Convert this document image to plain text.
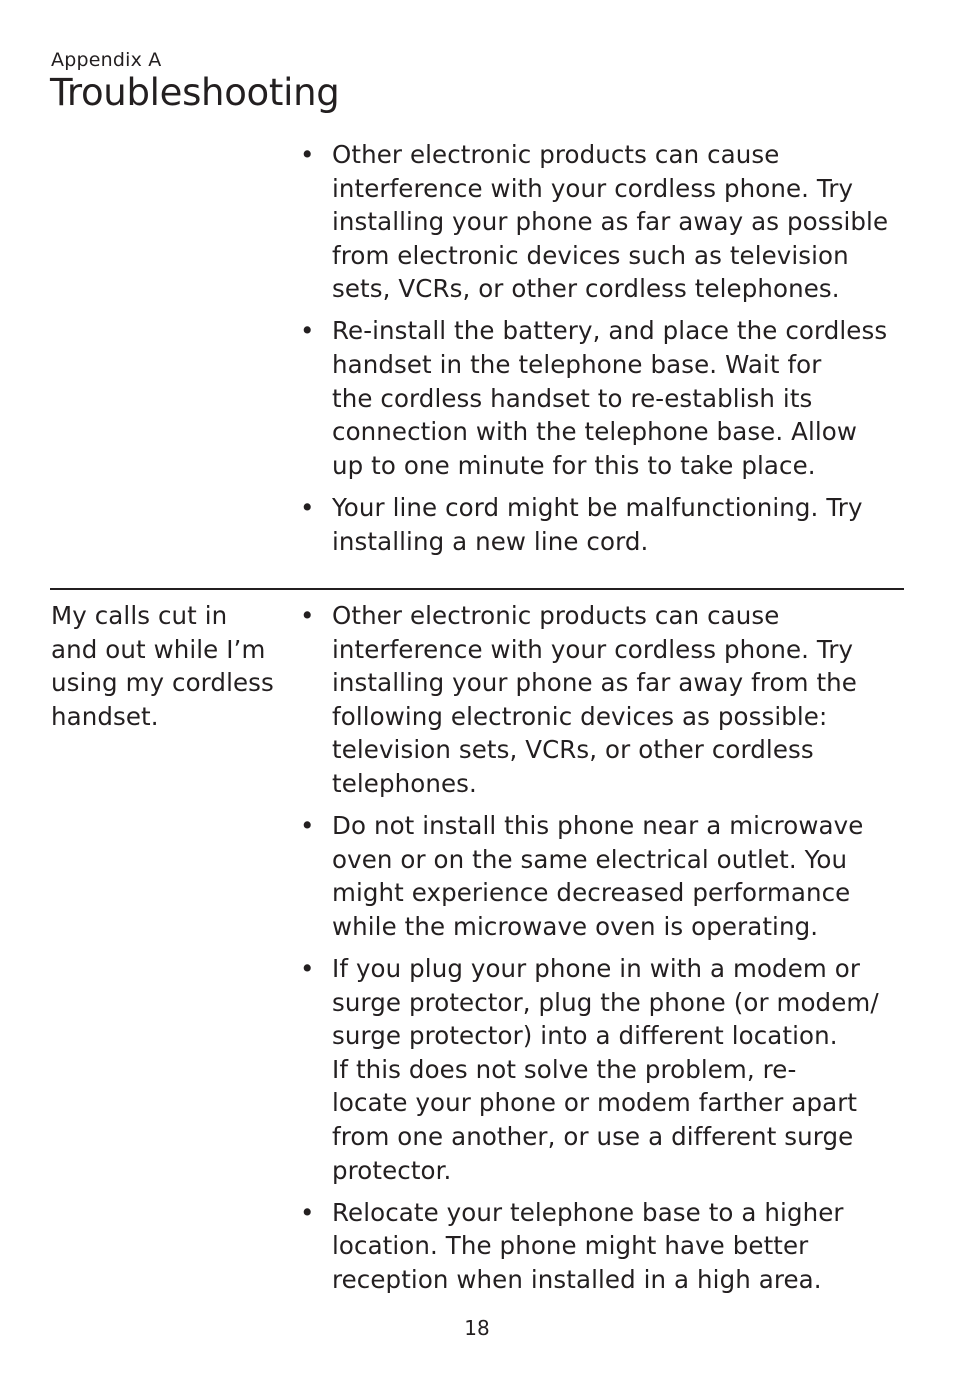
Appendix A
Troubleshooting
• Other electronic products can cause
interference with your cordless phone. Try
installing your phone as far away as possible
from electronic devices such as television
sets, VCRs, or other cordless telephones.
• Re-install the battery, and place the cordless
handset in the telephone base. Wait for
the cordless handset to re-establish its
connection with the telephone base. Allow
up to one minute for this to take place.
• Your line cord might be malfunctioning. Try
installing a new line cord.
My calls cut in
and out while I’m
using my cordless
handset.
• Other electronic products can cause
interference with your cordless phone. Try
installing your phone as far away from the
following electronic devices as possible:
television sets, VCRs, or other cordless
telephones.
• Do not install this phone near a microwave
oven or on the same electrical outlet. You
might experience decreased performance
while the microwave oven is operating.
• If you plug your phone in with a modem or
surge protector, plug the phone (or modem/
surge protector) into a different location.
If this does not solve the problem, re-
locate your phone or modem farther apart
from one another, or use a different surge
protector.
• Relocate your telephone base to a higher
location. The phone might have better
reception when installed in a high area.
18
